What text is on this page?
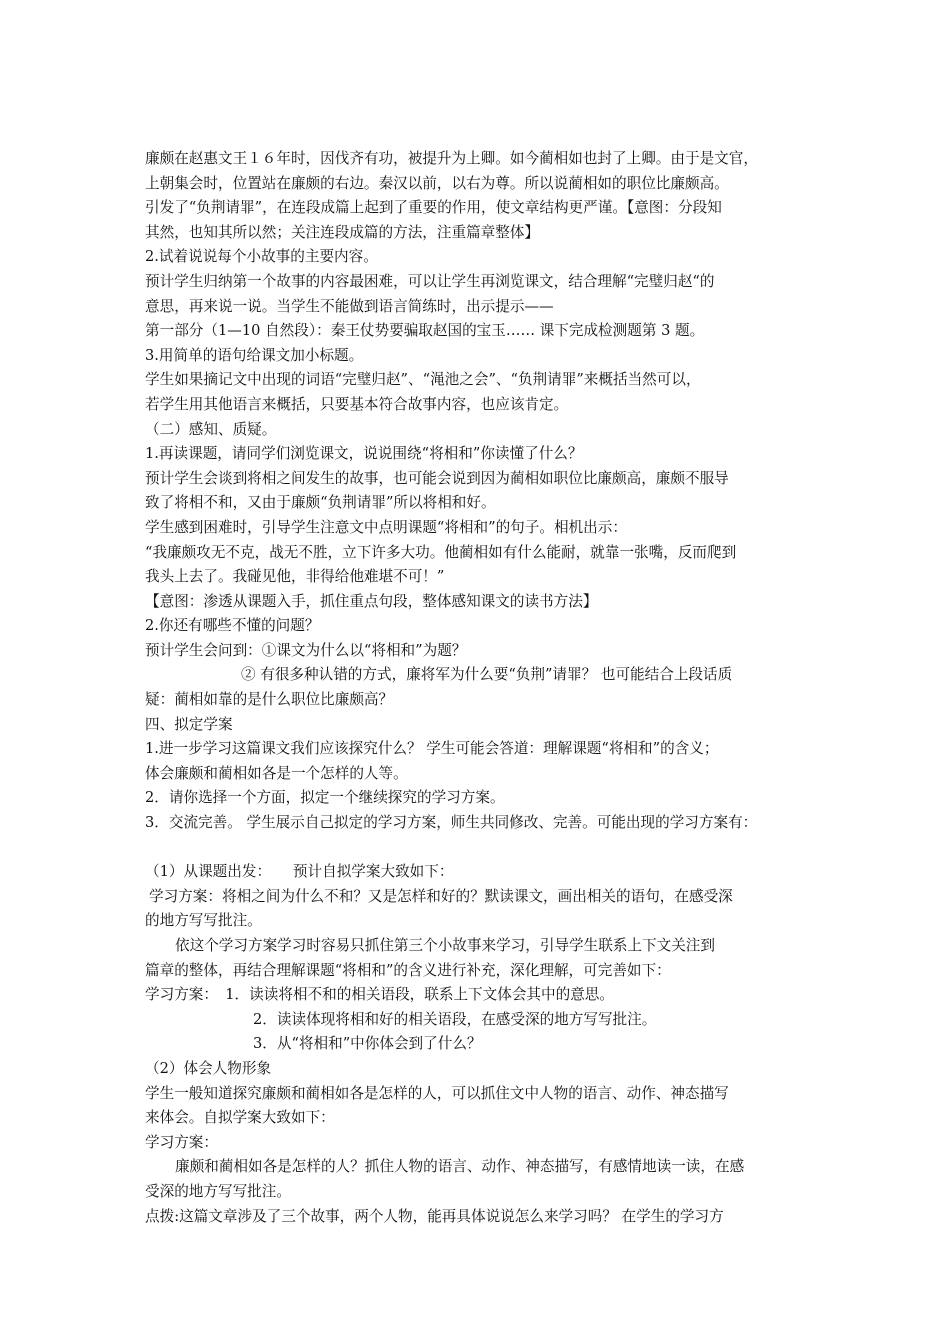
廉颇在赵惠文王１６年时，因伐齐有功，被提升为上卿。如今蔺相如也封了上卿。由于是文官，

上朝集会时，位置站在廉颇的右边。秦汉以前，以右为尊。所以说蔺相如的职位比廉颇高。

引发了“负荆请罪”，在连段成篇上起到了重要的作用，使文章结构更严谨。【意图：分段知

其然，也知其所以然；关注连段成篇的方法，注重篇章整体】

2.试着说说每个小故事的主要内容。

预计学生归纳第一个故事的内容最困难，可以让学生再浏览课文，结合理解“完璧归赵“的

意思，再来说一说。当学生不能做到语言简练时，出示提示——

第一部分（1—10 自然段）：秦王仗势要骗取赵国的宝玉…… 课下完成检测题第 3 题。

3.用简单的语句给课文加小标题。

学生如果摘记文中出现的词语“完璧归赵”、“渑池之会”、“负荆请罪”来概括当然可以，

若学生用其他语言来概括，只要基本符合故事内容，也应该肯定。

（二）感知、质疑。

1.再读课题，请同学们浏览课文，说说围绕“将相和”你读懂了什么？

预计学生会谈到将相之间发生的故事，也可能会说到因为蔺相如职位比廉颇高，廉颇不服导

致了将相不和，又由于廉颇“负荆请罪”所以将相和好。

学生感到困难时，引导学生注意文中点明课题“将相和”的句子。相机出示：

“我廉颇攻无不克，战无不胜，立下许多大功。他蔺相如有什么能耐，就靠一张嘴，反而爬到

我头上去了。我碰见他，非得给他难堪不可！”

【意图：渗透从课题入手，抓住重点句段，整体感知课文的读书方法】

2.你还有哪些不懂的问题？

预计学生会问到：①课文为什么以“将相和”为题？

② 有很多种认错的方式，廉将军为什么要“负荆”请罪？ 也可能结合上段话质

疑：蔺相如靠的是什么职位比廉颇高？

四、拟定学案

1.进一步学习这篇课文我们应该探究什么？ 学生可能会答道：理解课题“将相和”的含义；

体会廉颇和蔺相如各是一个怎样的人等。

2．请你选择一个方面，拟定一个继续探究的学习方案。

3．交流完善。 学生展示自己拟定的学习方案，师生共同修改、完善。可能出现的学习方案有：

（1）从课题出发：　　预计自拟学案大致如下：

学习方案：将相之间为什么不和？又是怎样和好的？默读课文，画出相关的语句，在感受深

的地方写写批注。

依这个学习方案学习时容易只抓住第三个小故事来学习，引导学生联系上下文关注到

篇章的整体，再结合理解课题“将相和”的含义进行补充，深化理解，可完善如下：

学习方案：　1．读读将相不和的相关语段，联系上下文体会其中的意思。

2．读读体现将相和好的相关语段，在感受深的地方写写批注。

3．从“将相和”中你体会到了什么？

（2）体会人物形象

学生一般知道探究廉颇和蔺相如各是怎样的人，可以抓住文中人物的语言、动作、神态描写

来体会。自拟学案大致如下：

学习方案：

廉颇和蔺相如各是怎样的人？抓住人物的语言、动作、神态描写，有感情地读一读，在感

受深的地方写写批注。

点拨:这篇文章涉及了三个故事，两个人物，能再具体说说怎么来学习吗？ 在学生的学习方
